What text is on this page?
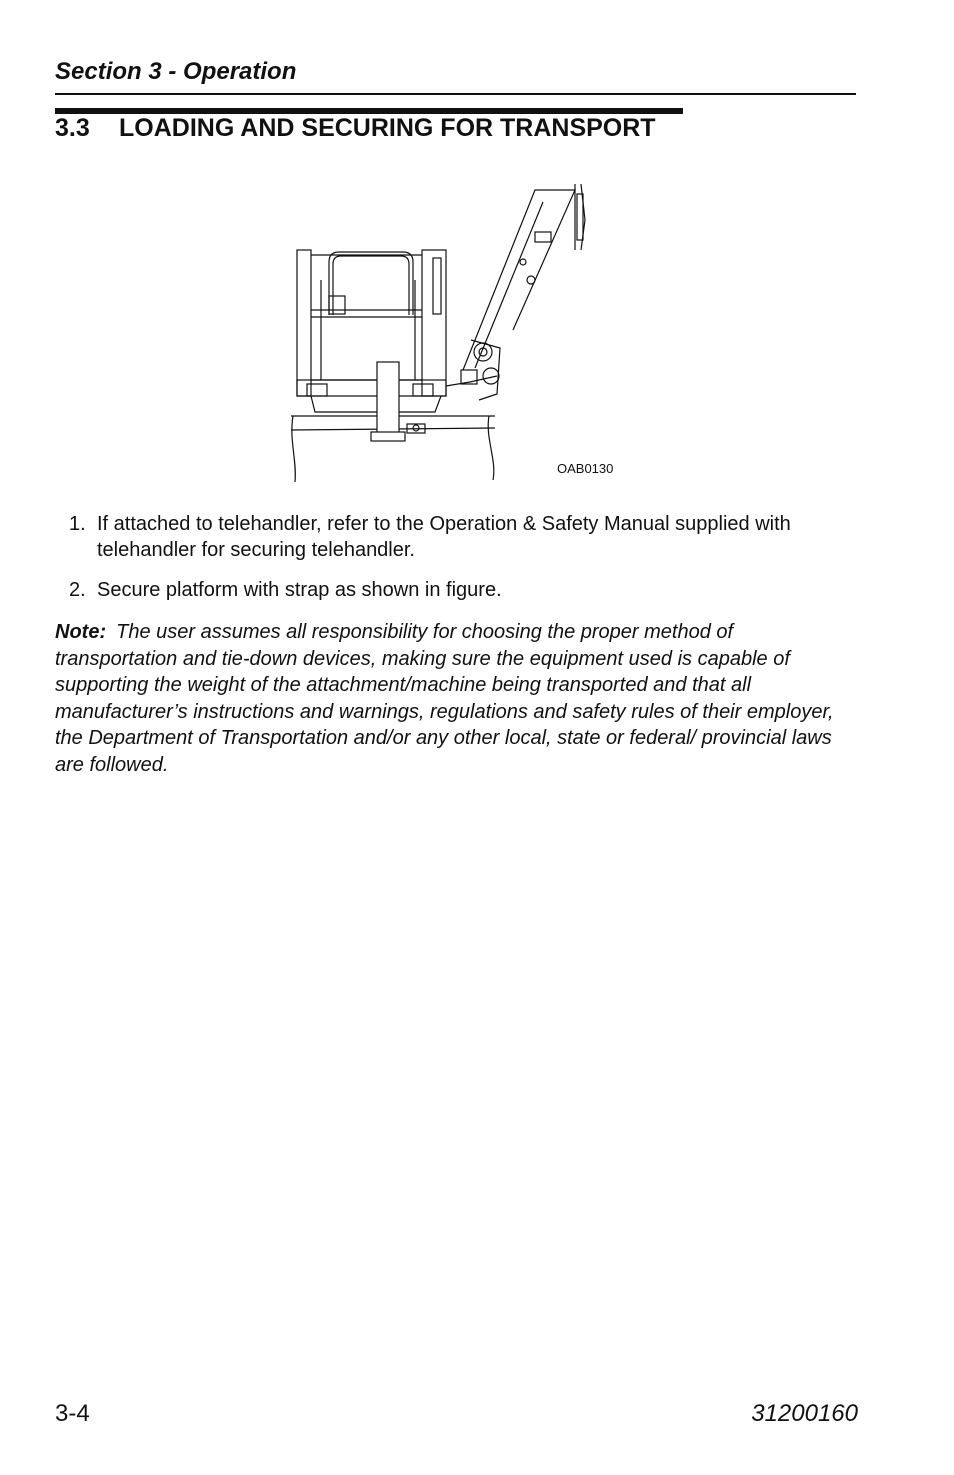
Section 3 - Operation
3.3 LOADING AND SECURING FOR TRANSPORT
OAB0130
1. If attached to telehandler, refer to the Operation & Safety Manual supplied with telehandler for securing telehandler.
2. Secure platform with strap as shown in figure.

Note: The user assumes all responsibility for choosing the proper method of transportation and tie-down devices, making sure the equipment used is capable of supporting the weight of the attachment/machine being transported and that all manufacturer’s instructions and warnings, regulations and safety rules of their employer, the Department of Transportation and/or any other local, state or federal/ provincial laws are followed.

3-4	31200160
